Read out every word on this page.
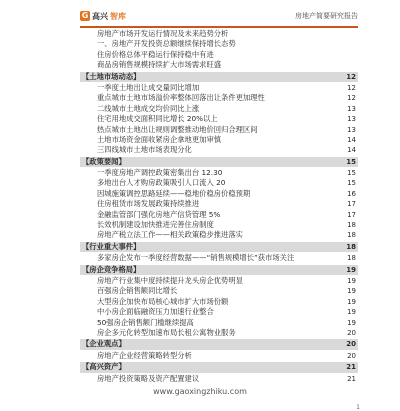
G 高兴 智库	房地产简要研究报告
房地产市场开发运行情况及未来趋势分析
一、房地产开发投资总额继续保持增长态势
住房价格总体平稳运行保持稳中有进
商品房销售规模持续扩大市场需求旺盛
【土地市场动态】	12
一季度土地出让成交量同比增加	12
重点城市土地市场溢价率整体回落出让条件更加理性	12
二线城市土地成交均价同比上涨	13
住宅用地成交面积同比增长 20%以上	13
热点城市土地出让规则调整推动地价回归合理区间	13
土地市场资金面收紧房企拿地更加审慎	14
三四线城市土地市场表现分化	14
【政策要闻】	15
一季度房地产调控政策密集出台 12.30	15
多地出台人才购房政策吸引人口流入 20	15
因城施策调控思路延续——稳地价稳房价稳预期	16
住房租赁市场发展政策持续推进	17
金融监管部门强化房地产信贷管理 5%	17
长效机制建设加快推进完善住房制度	18
房地产税立法工作——相关政策稳步推进落实	18
【行业重大事件】	18
多家房企发布一季度经营数据——“销售规模增长”获市场关注	18
【房企竞争格局】	19
房地产行业集中度持续提升龙头房企优势明显	19
百强房企销售额同比增长	19
大型房企加快布局核心城市扩大市场份额	19
中小房企面临融资压力加速行业整合	19
50强房企销售额门槛继续提高	19
房企多元化转型加速布局长租公寓物业服务	20
【企业观点】	20
房地产企业经营策略转型分析	20
【高兴资产】	21
房地产投资策略及资产配置建议	21
www.gaoxingzhiku.com
1
